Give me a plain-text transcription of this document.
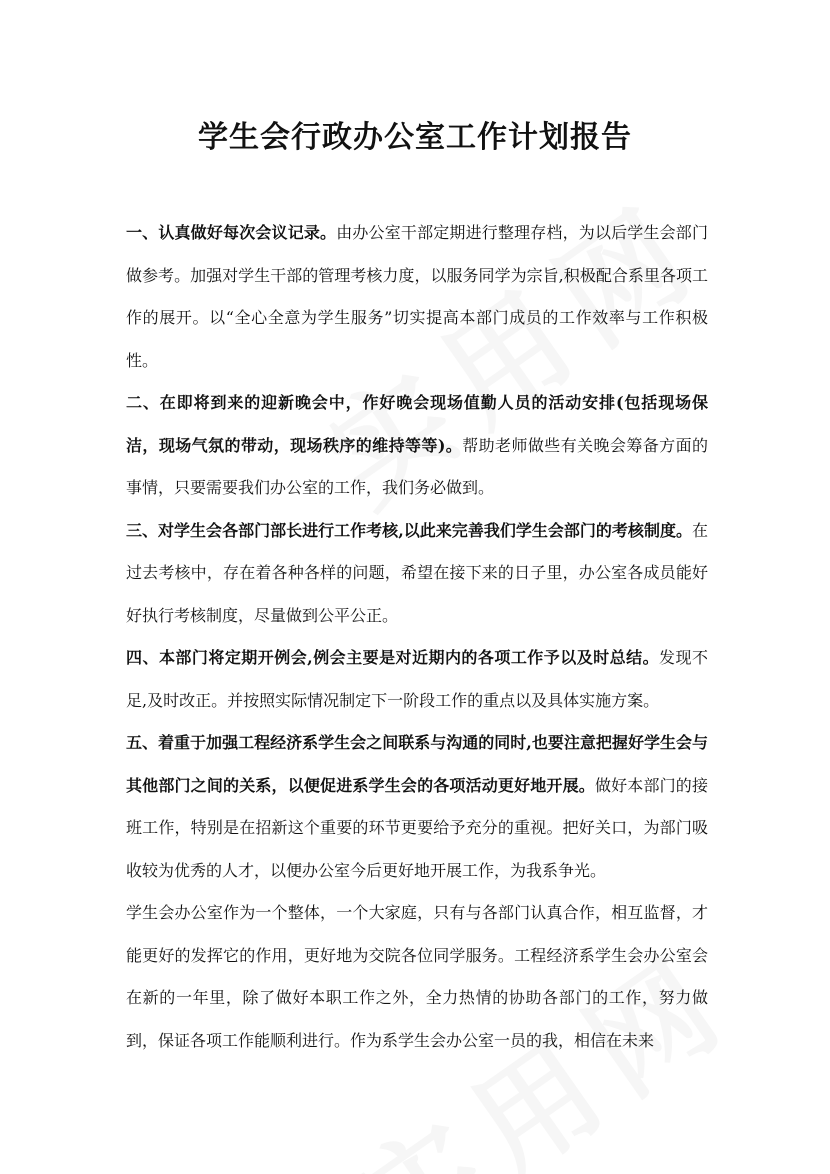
学生会行政办公室工作计划报告

一、认真做好每次会议记录。由办公室干部定期进行整理存档，为以后学生会部门做参考。加强对学生干部的管理考核力度，以服务同学为宗旨,积极配合系里各项工作的展开。以“全心全意为学生服务”切实提高本部门成员的工作效率与工作积极性。

二、在即将到来的迎新晚会中，作好晚会现场值勤人员的活动安排(包括现场保洁，现场气氛的带动，现场秩序的维持等等)。帮助老师做些有关晚会筹备方面的事情，只要需要我们办公室的工作，我们务必做到。

三、对学生会各部门部长进行工作考核,以此来完善我们学生会部门的考核制度。在过去考核中，存在着各种各样的问题，希望在接下来的日子里，办公室各成员能好好执行考核制度，尽量做到公平公正。

四、本部门将定期开例会,例会主要是对近期内的各项工作予以及时总结。发现不足,及时改正。并按照实际情况制定下一阶段工作的重点以及具体实施方案。

五、着重于加强工程经济系学生会之间联系与沟通的同时,也要注意把握好学生会与其他部门之间的关系，以便促进系学生会的各项活动更好地开展。做好本部门的接班工作，特别是在招新这个重要的环节更要给予充分的重视。把好关口，为部门吸收较为优秀的人才，以便办公室今后更好地开展工作，为我系争光。

学生会办公室作为一个整体，一个大家庭，只有与各部门认真合作，相互监督，才能更好的发挥它的作用，更好地为交院各位同学服务。工程经济系学生会办公室会在新的一年里，除了做好本职工作之外，全力热情的协助各部门的工作，努力做到，保证各项工作能顺利进行。作为系学生会办公室一员的我，相信在未来
